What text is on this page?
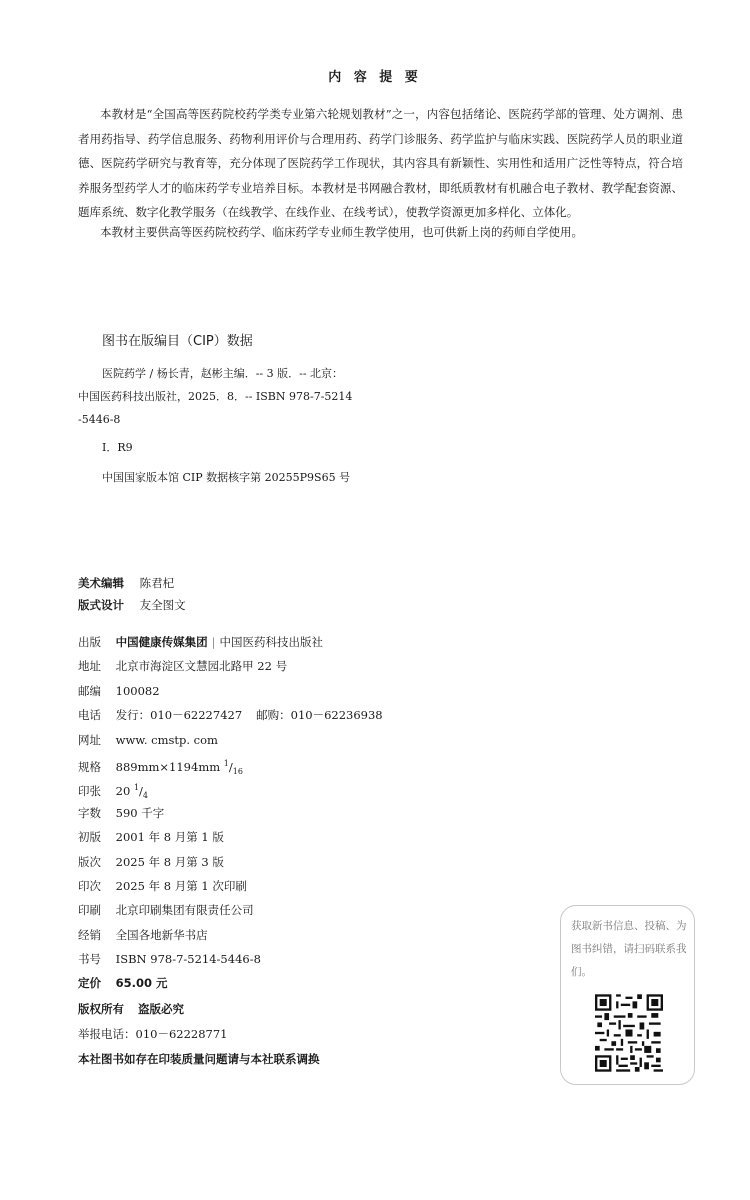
内 容 提 要

本教材是“全国高等医药院校药学类专业第六轮规划教材”之一，内容包括绪论、医院药学部的管理、处方调剂、患者用药指导、药学信息服务、药物利用评价与合理用药、药学门诊服务、药学监护与临床实践、医院药学人员的职业道德、医院药学研究与教育等，充分体现了医院药学工作现状，其内容具有新颖性、实用性和适用广泛性等特点，符合培养服务型药学人才的临床药学专业培养目标。本教材是书网融合教材，即纸质教材有机融合电子教材、教学配套资源、题库系统、数字化教学服务（在线教学、在线作业、在线考试），使教学资源更加多样化、立体化。

本教材主要供高等医药院校药学、临床药学专业师生教学使用，也可供新上岗的药师自学使用。

图书在版编目（CIP）数据
医院药学 / 杨长青，赵彬主编．-- 3 版．-- 北京：
中国医药科技出版社，2025．8．-- ISBN 978-7-5214
-5446-8
Ⅰ．R9
中国国家版本馆 CIP 数据核字第 20255P9S65 号
美术编辑 陈君杞
版式设计 友全图文
出版 中国健康传媒集团 | 中国医药科技出版社
地址 北京市海淀区文慧园北路甲 22 号
邮编 100082
电话 发行：010－62227427 邮购：010－62236938
网址 www. cmstp. com
规格 889mm×1194mm $^1/_{16}$
印张 20 $^1/_4$
字数 590 千字
初版 2001 年 8 月第 1 版
版次 2025 年 8 月第 3 版
印次 2025 年 8 月第 1 次印刷
印刷 北京印刷集团有限责任公司
经销 全国各地新华书店
书号 ISBN 978-7-5214-5446-8
定价 65.00 元
版权所有 盗版必究
举报电话：010－62228771
本社图书如存在印装质量问题请与本社联系调换
获取新书信息、投稿、为图书纠错，请扫码联系我们。
